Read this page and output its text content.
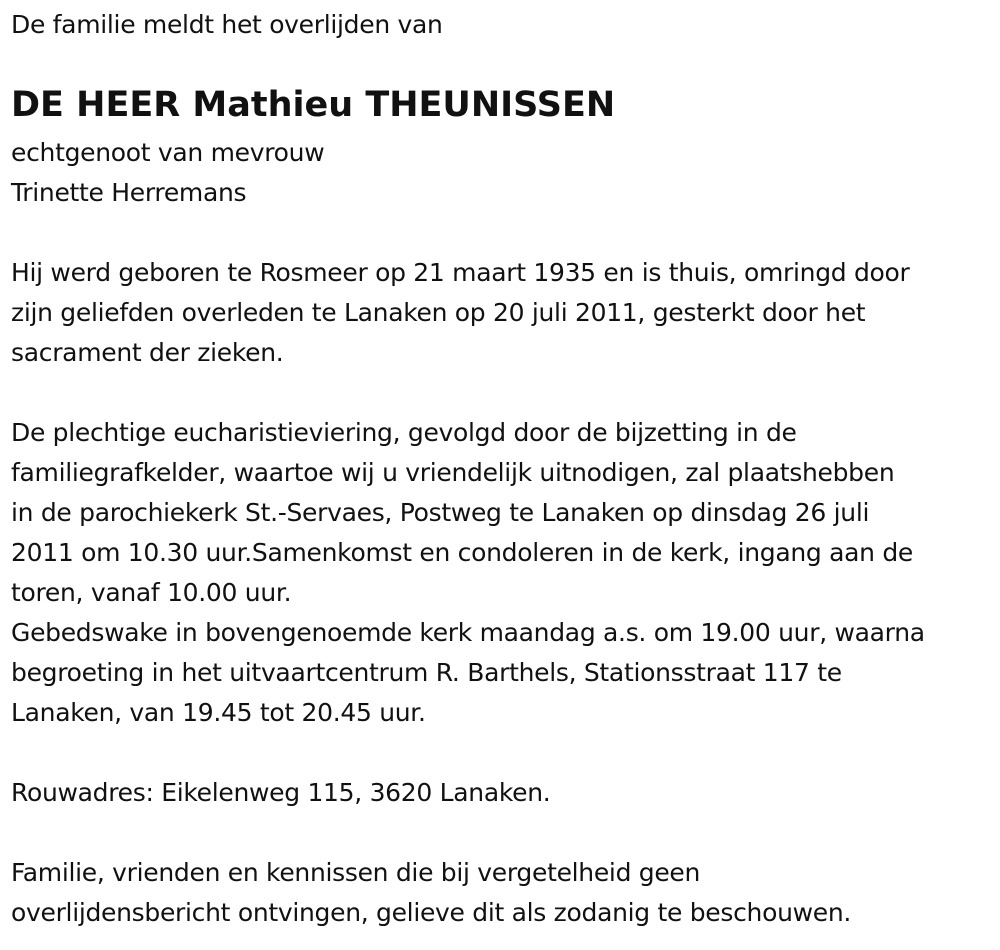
De familie meldt het overlijden van

DE HEER Mathieu THEUNISSEN

echtgenoot van mevrouw

Trinette Herremans

Hij werd geboren te Rosmeer op 21 maart 1935 en is thuis, omringd door

zijn geliefden overleden te Lanaken op 20 juli 2011, gesterkt door het

sacrament der zieken.

De plechtige eucharistieviering, gevolgd door de bijzetting in de

familiegrafkelder, waartoe wij u vriendelijk uitnodigen, zal plaatshebben

in de parochiekerk St.-Servaes, Postweg te Lanaken op dinsdag 26 juli

2011 om 10.30 uur.Samenkomst en condoleren in de kerk, ingang aan de

toren, vanaf 10.00 uur.

Gebedswake in bovengenoemde kerk maandag a.s. om 19.00 uur, waarna

begroeting in het uitvaartcentrum R. Barthels, Stationsstraat 117 te

Lanaken, van 19.45 tot 20.45 uur.

Rouwadres: Eikelenweg 115, 3620 Lanaken.

Familie, vrienden en kennissen die bij vergetelheid geen

overlijdensbericht ontvingen, gelieve dit als zodanig te beschouwen.
